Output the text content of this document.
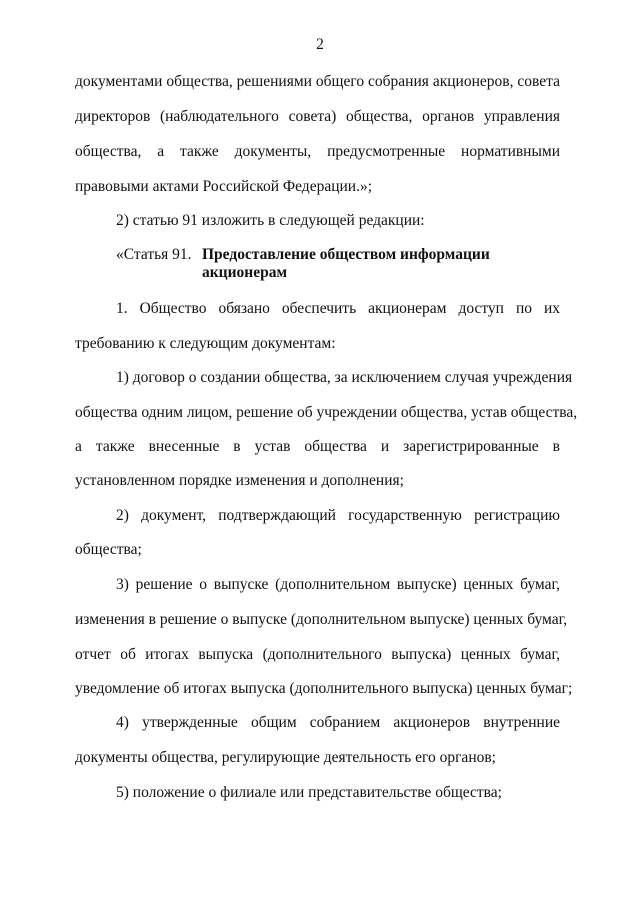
2
документами общества, решениями общего собрания акционеров, совета
директоров (наблюдательного совета) общества, органов управления
общества, а также документы, предусмотренные нормативными
правовыми актами Российской Федерации.»;
2) статью 91 изложить в следующей редакции:
«Статья 91. Предоставление обществом информации
акционерам
1. Общество обязано обеспечить акционерам доступ по их
требованию к следующим документам:
1) договор о создании общества, за исключением случая учреждения
общества одним лицом, решение об учреждении общества, устав общества,
а также внесенные в устав общества и зарегистрированные в
установленном порядке изменения и дополнения;
2) документ, подтверждающий государственную регистрацию
общества;
3) решение о выпуске (дополнительном выпуске) ценных бумаг,
изменения в решение о выпуске (дополнительном выпуске) ценных бумаг,
отчет об итогах выпуска (дополнительного выпуска) ценных бумаг,
уведомление об итогах выпуска (дополнительного выпуска) ценных бумаг;
4) утвержденные общим собранием акционеров внутренние
документы общества, регулирующие деятельность его органов;
5) положение о филиале или представительстве общества;
